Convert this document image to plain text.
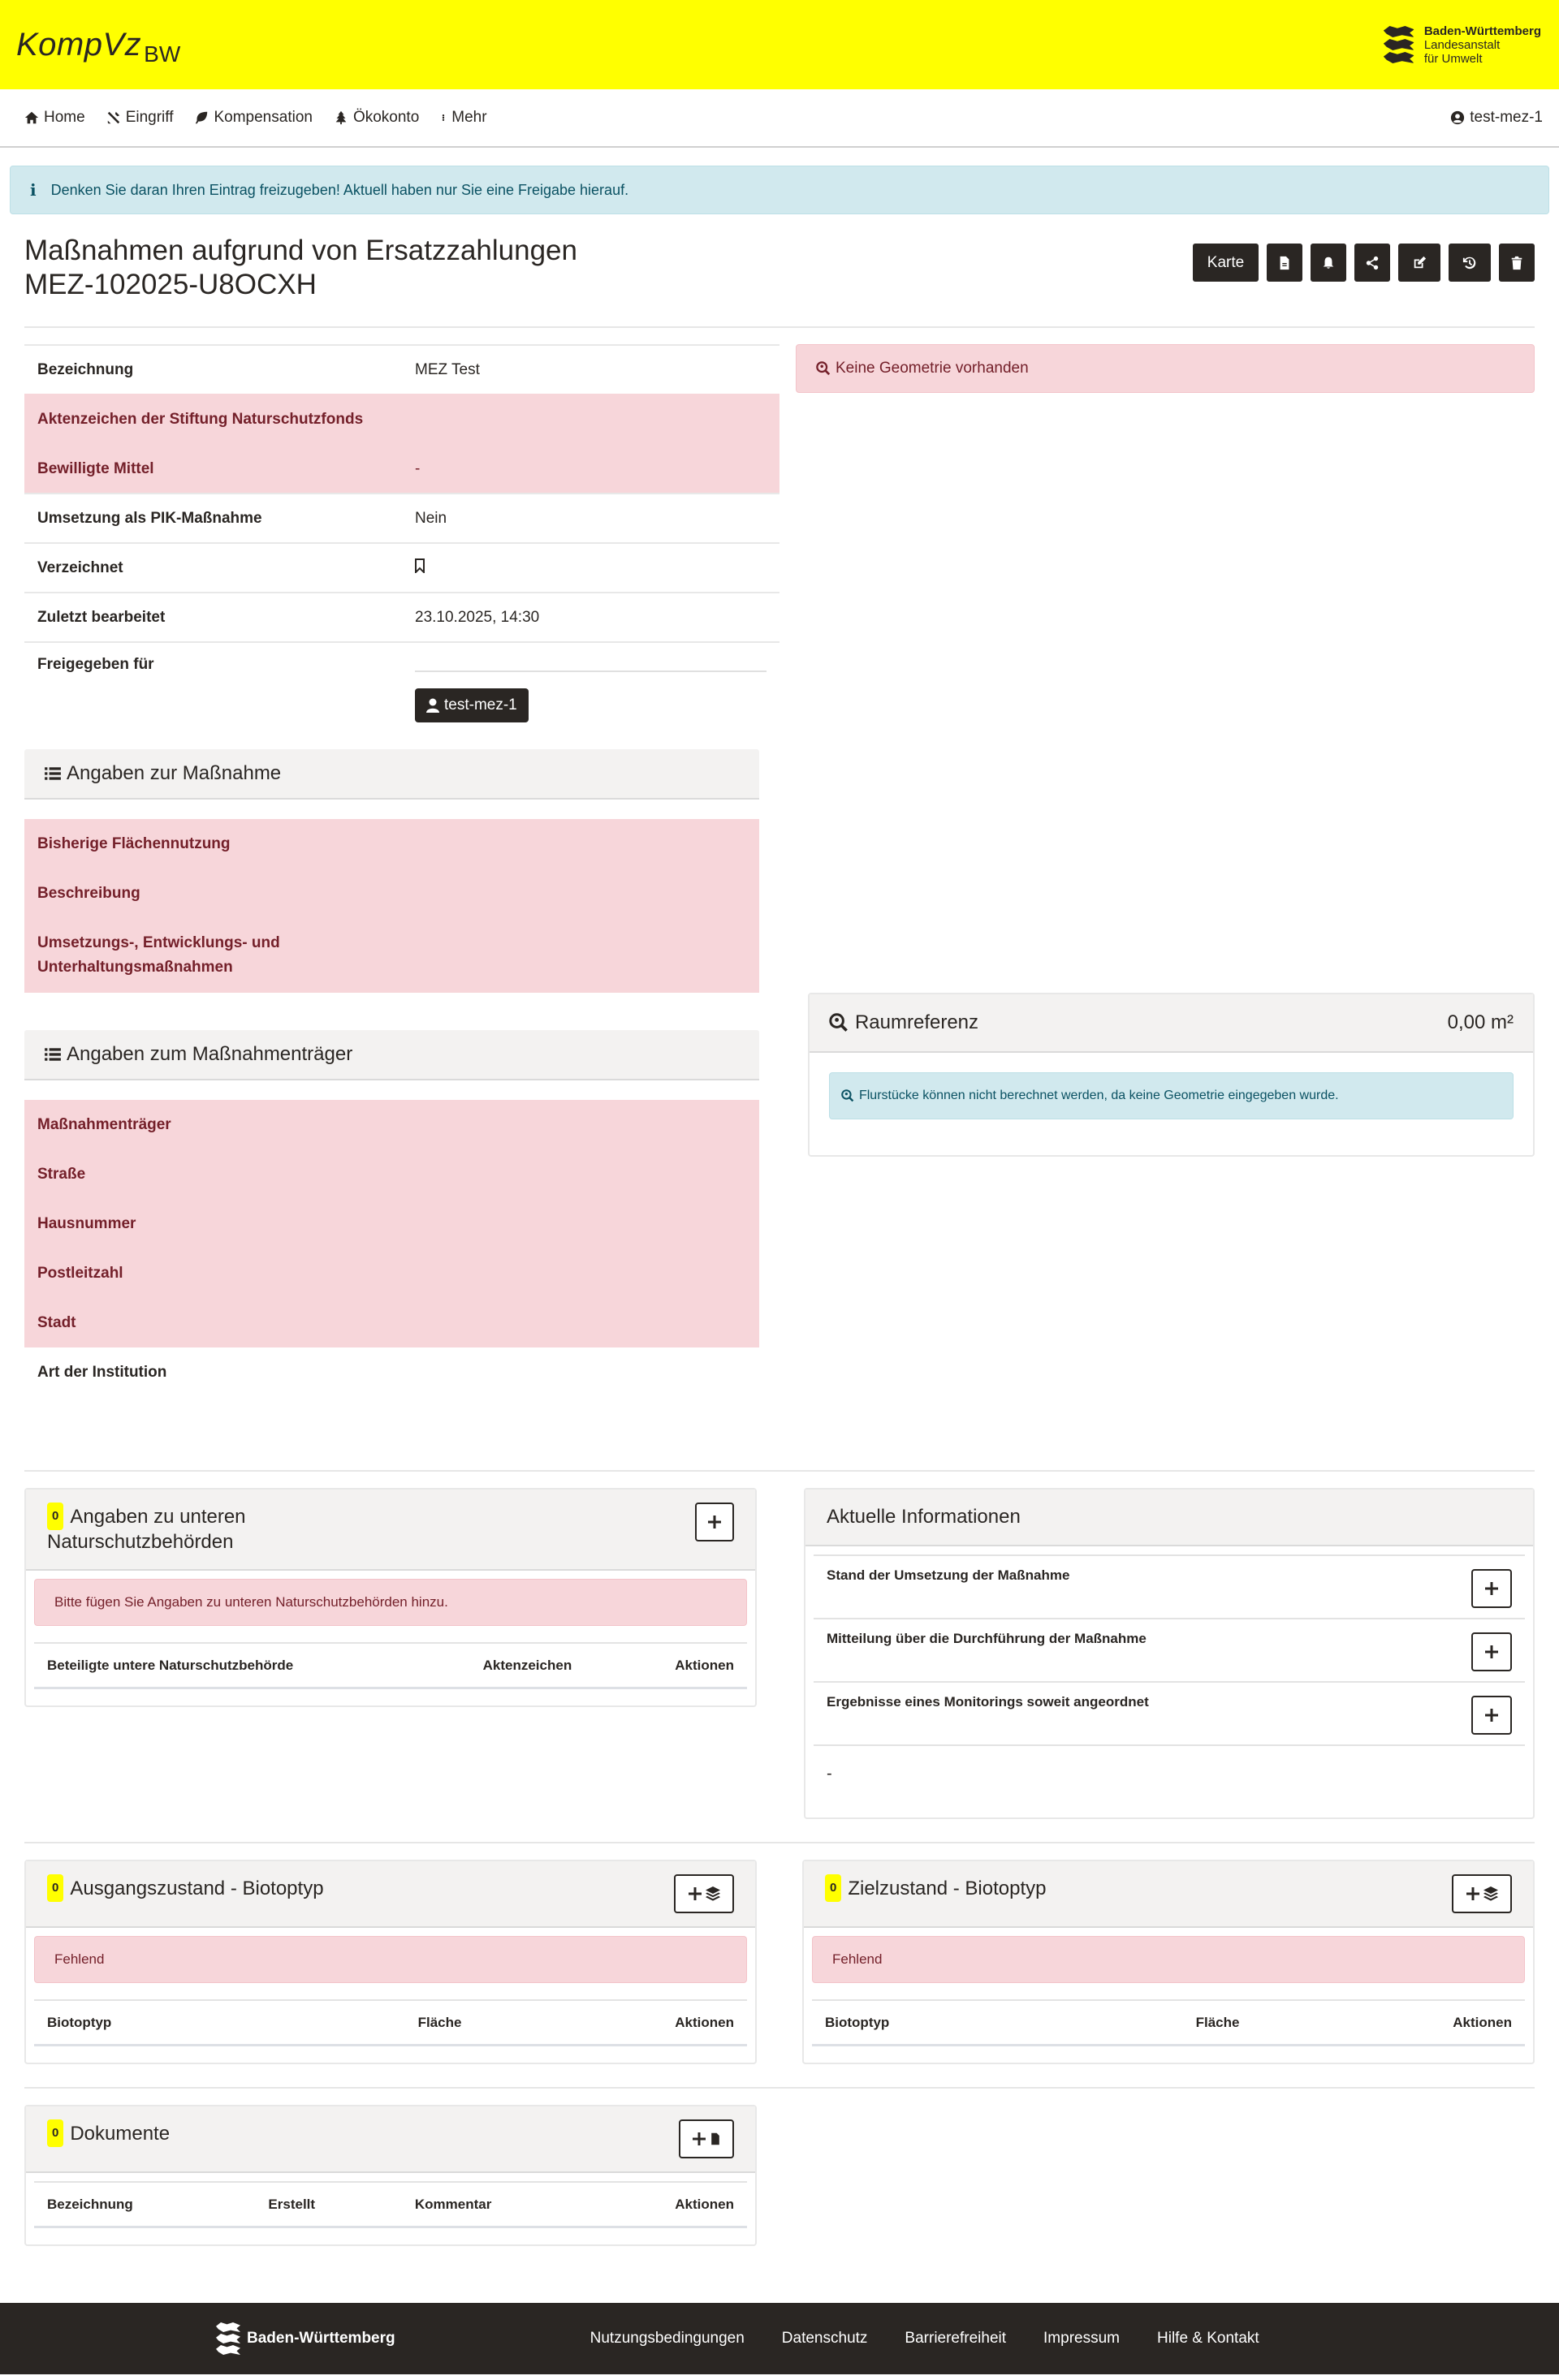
KompVz BW
Baden-Württemberg
Landesanstalt
für Umwelt
Home	Eingriff	Kompensation	Ökokonto Mehr	test-mez-1
i Denken Sie daran Ihren Eintrag freizugeben! Aktuell haben nur Sie eine Freigabe hierauf.
Maßnahmen aufgrund von Ersatzzahlungen
MEZ-102025-U8OCXH
Karte
Bezeichnung	MEZ Test
Aktenzeichen der Stiftung Naturschutzfonds	
Bewilligte Mittel	-
Umsetzung als PIK-Maßnahme	Nein
Verzeichnet	
Zuletzt bearbeitet	23.10.2025, 14:30
Freigegeben für	test-mez-1
Keine Geometrie vorhanden
Angaben zur Maßnahme
Bisherige Flächennutzung
Beschreibung
Umsetzungs-, Entwicklungs- und Unterhaltungsmaßnahmen
Angaben zum Maßnahmenträger
Maßnahmenträger
Straße
Hausnummer
Postleitzahl
Stadt
Art der Institution
Raumreferenz	0,00 m²
Flurstücke können nicht berechnet werden, da keine Geometrie eingegeben wurde.
0 Angaben zu unteren
Naturschutzbehörden
Bitte fügen Sie Angaben zu unteren Naturschutzbehörden hinzu.
Beteiligte untere Naturschutzbehörde	Aktenzeichen	Aktionen
Aktuelle Informationen
Stand der Umsetzung der Maßnahme
Mitteilung über die Durchführung der Maßnahme
Ergebnisse eines Monitorings soweit angeordnet
-
0 Ausgangszustand - Biotoptyp
Fehlend
Biotoptyp	Fläche	Aktionen
0 Zielzustand - Biotoptyp
Fehlend
Biotoptyp	Fläche	Aktionen
0 Dokumente
Bezeichnung	Erstellt	Kommentar	Aktionen
Baden-Württemberg	Nutzungsbedingungen Datenschutz Barrierefreiheit Impressum Hilfe & Kontakt
